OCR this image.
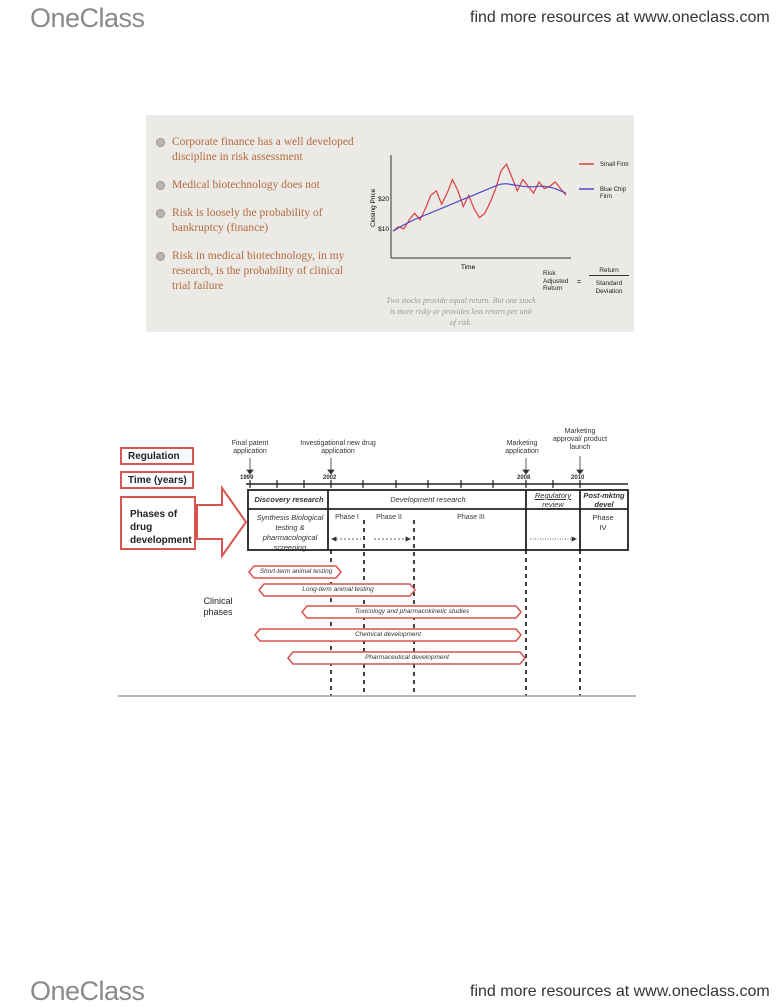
OneClass	find more resources at www.oneclass.com
Corporate finance has a well developed discipline in risk assessment
Medical biotechnology does not
Risk is loosely the probability of bankruptcy (finance)
Risk in medical biotechnology, in my research, is the probability of clinical trial failure
$10
$20
Closing Price
Time
Small Firm
Blue Chip Firm
Risk Adjusted Return
=
Return
Standard Deviation
Two stocks provide equal return. But one stock is more risky or provides less return per unit of risk.
Final patent application
Investigational new drug application
Marketing application
Marketing approval/ product launch
1999	2002	2008	2010
Regulation
Time (years)
Phases of drug development
Clinical phases
Basic research
Discovery research	Development research	Regulatory review
Post-mktng devel
Synthesis Biological testing & pharmacological screening
Phase I	Phase II	Phase III	Phase IV
Short-term animal testing
Long-term animal testing
Toxicology and pharmacokinetic studies
Chemical development
Pharmaceutical development
OneClass	find more resources at www.oneclass.com
